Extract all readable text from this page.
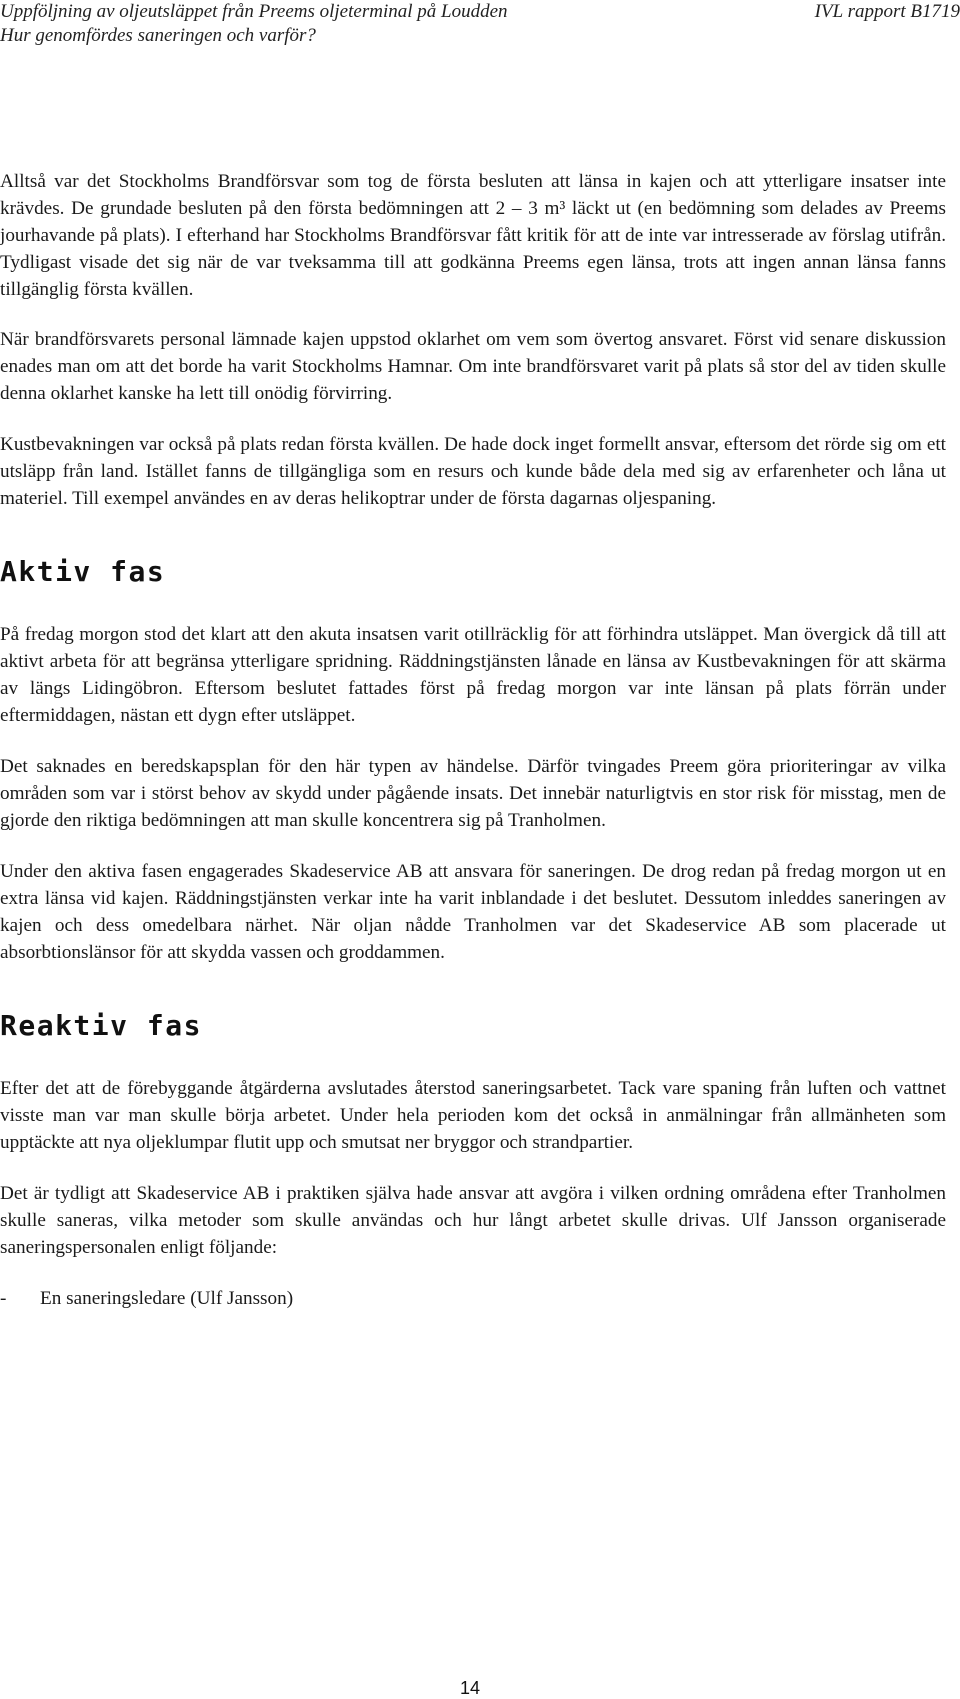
Uppföljning av oljeutsläppet från Preems oljeterminal på Loudden
Hur genomfördes saneringen och varför?
IVL rapport B1719

Alltså var det Stockholms Brandförsvar som tog de första besluten att länsa in kajen och att ytterligare insatser inte krävdes. De grundade besluten på den första bedömningen att 2 – 3 m³ läckt ut (en bedömning som delades av Preems jourhavande på plats). I efterhand har Stockholms Brandförsvar fått kritik för att de inte var intresserade av förslag utifrån. Tydligast visade det sig när de var tveksamma till att godkänna Preems egen länsa, trots att ingen annan länsa fanns tillgänglig första kvällen.

När brandförsvarets personal lämnade kajen uppstod oklarhet om vem som övertog ansvaret. Först vid senare diskussion enades man om att det borde ha varit Stockholms Hamnar. Om inte brandförsvaret varit på plats så stor del av tiden skulle denna oklarhet kanske ha lett till onödig förvirring.

Kustbevakningen var också på plats redan första kvällen. De hade dock inget formellt ansvar, eftersom det rörde sig om ett utsläpp från land. Istället fanns de tillgängliga som en resurs och kunde både dela med sig av erfarenheter och låna ut materiel. Till exempel användes en av deras helikoptrar under de första dagarnas oljespaning.

Aktiv fas

På fredag morgon stod det klart att den akuta insatsen varit otillräcklig för att förhindra utsläppet. Man övergick då till att aktivt arbeta för att begränsa ytterligare spridning. Räddningstjänsten lånade en länsa av Kustbevakningen för att skärma av längs Lidingöbron. Eftersom beslutet fattades först på fredag morgon var inte länsan på plats förrän under eftermiddagen, nästan ett dygn efter utsläppet.

Det saknades en beredskapsplan för den här typen av händelse. Därför tvingades Preem göra prioriteringar av vilka områden som var i störst behov av skydd under pågående insats. Det innebär naturligtvis en stor risk för misstag, men de gjorde den riktiga bedömningen att man skulle koncentrera sig på Tranholmen.

Under den aktiva fasen engagerades Skadeservice AB att ansvara för saneringen. De drog redan på fredag morgon ut en extra länsa vid kajen. Räddningstjänsten verkar inte ha varit inblandade i det beslutet. Dessutom inleddes saneringen av kajen och dess omedelbara närhet. När oljan nådde Tranholmen var det Skadeservice AB som placerade ut absorbtionslänsor för att skydda vassen och groddammen.

Reaktiv fas

Efter det att de förebyggande åtgärderna avslutades återstod saneringsarbetet. Tack vare spaning från luften och vattnet visste man var man skulle börja arbetet. Under hela perioden kom det också in anmälningar från allmänheten som upptäckte att nya oljeklumpar flutit upp och smutsat ner bryggor och strandpartier.

Det är tydligt att Skadeservice AB i praktiken själva hade ansvar att avgöra i vilken ordning områdena efter Tranholmen skulle saneras, vilka metoder som skulle användas och hur långt arbetet skulle drivas. Ulf Jansson organiserade saneringspersonalen enligt följande:

-	En saneringsledare (Ulf Jansson)
14
